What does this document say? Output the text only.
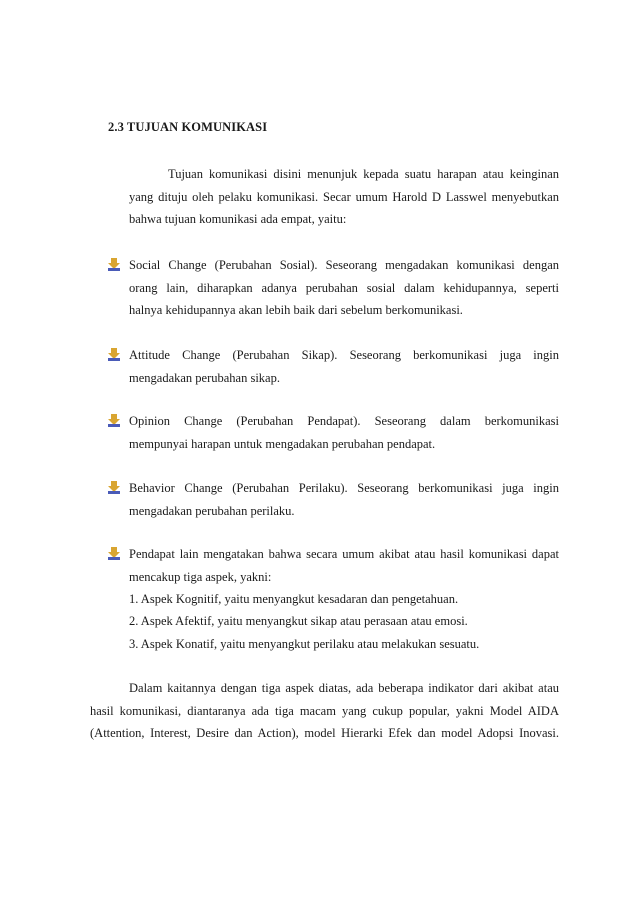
2.3 TUJUAN KOMUNIKASI
Tujuan komunikasi disini menunjuk kepada suatu harapan atau keinginan
yang dituju oleh pelaku komunikasi. Secar umum Harold D Lasswel menyebutkan
bahwa tujuan komunikasi ada empat, yaitu:
Social Change (Perubahan Sosial). Seseorang mengadakan komunikasi dengan
orang lain, diharapkan adanya perubahan sosial dalam kehidupannya, seperti
halnya kehidupannya akan lebih baik dari sebelum berkomunikasi.
Attitude Change (Perubahan Sikap). Seseorang berkomunikasi juga ingin
mengadakan perubahan sikap.
Opinion Change (Perubahan Pendapat). Seseorang dalam berkomunikasi
mempunyai harapan untuk mengadakan perubahan pendapat.
Behavior Change (Perubahan Perilaku). Seseorang berkomunikasi juga ingin
mengadakan perubahan perilaku.
Pendapat lain mengatakan bahwa secara umum akibat atau hasil komunikasi dapat
mencakup tiga aspek, yakni:
1. Aspek Kognitif, yaitu menyangkut kesadaran dan pengetahuan.
2. Aspek Afektif, yaitu menyangkut sikap atau perasaan atau emosi.
3. Aspek Konatif, yaitu menyangkut perilaku atau melakukan sesuatu.
Dalam kaitannya dengan tiga aspek diatas, ada beberapa indikator dari akibat atau
hasil komunikasi, diantaranya ada tiga macam yang cukup popular, yakni Model AIDA
(Attention, Interest, Desire dan Action), model Hierarki Efek dan model Adopsi Inovasi.
